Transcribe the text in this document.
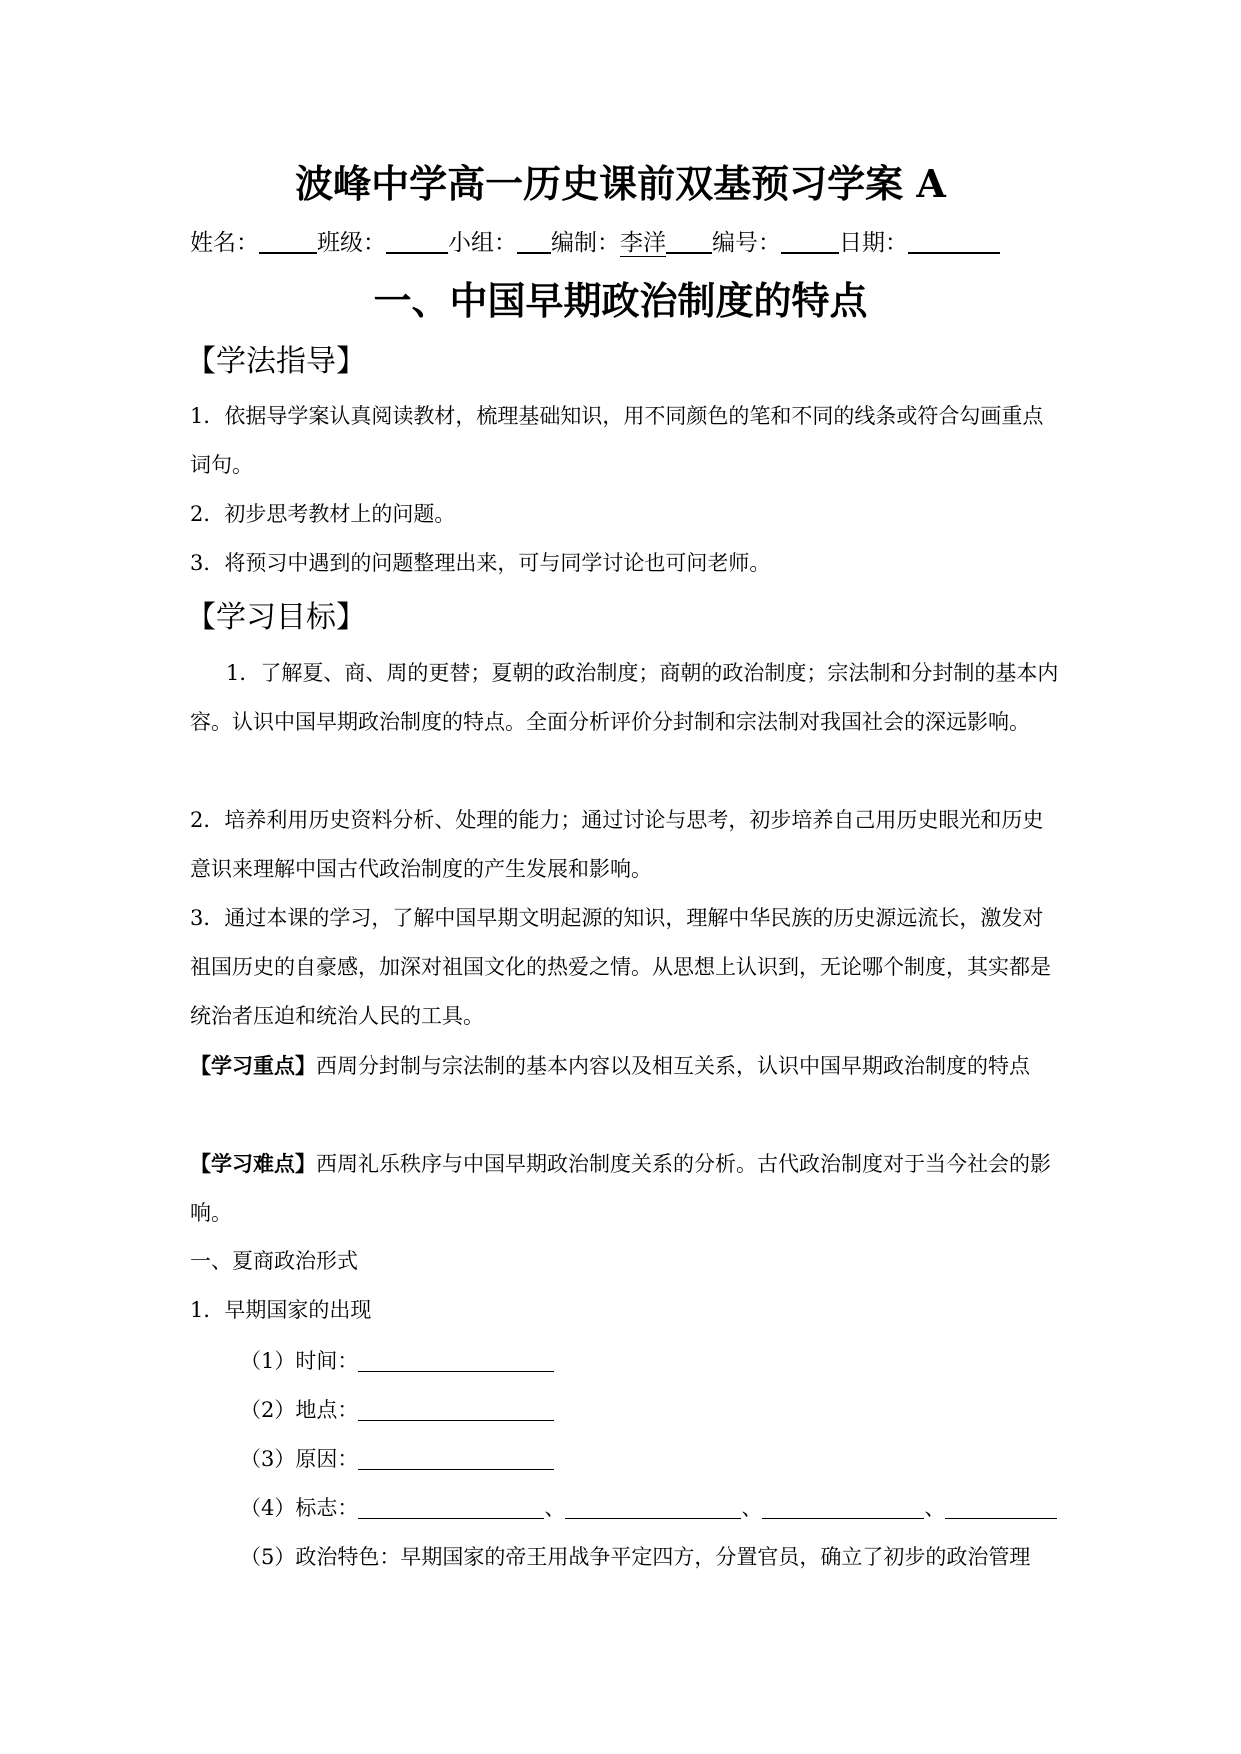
波峰中学高一历史课前双基预习学案 A
姓名：	班级：	小组： 编制：李洋 编号：	日期：
一、中国早期政治制度的特点
【学法指导】
1．依据导学案认真阅读教材，梳理基础知识，用不同颜色的笔和不同的线条或符合勾画重点词句。
2．初步思考教材上的问题。
3．将预习中遇到的问题整理出来，可与同学讨论也可问老师。
【学习目标】
1．了解夏、商、周的更替；夏朝的政治制度；商朝的政治制度；宗法制和分封制的基本内容。认识中国早期政治制度的特点。全面分析评价分封制和宗法制对我国社会的深远影响。
2．培养利用历史资料分析、处理的能力；通过讨论与思考，初步培养自己用历史眼光和历史意识来理解中国古代政治制度的产生发展和影响。
3．通过本课的学习，了解中国早期文明起源的知识，理解中华民族的历史源远流长，激发对祖国历史的自豪感，加深对祖国文化的热爱之情。从思想上认识到，无论哪个制度，其实都是统治者压迫和统治人民的工具。
【学习重点】西周分封制与宗法制的基本内容以及相互关系，认识中国早期政治制度的特点
【学习难点】西周礼乐秩序与中国早期政治制度关系的分析。古代政治制度对于当今社会的影响。
一、夏商政治形式
1．早期国家的出现
（1）时间：
（2）地点：
（3）原因：
（4）标志：	、	、	、
（5）政治特色：早期国家的帝王用战争平定四方，分置官员，确立了初步的政治管理
